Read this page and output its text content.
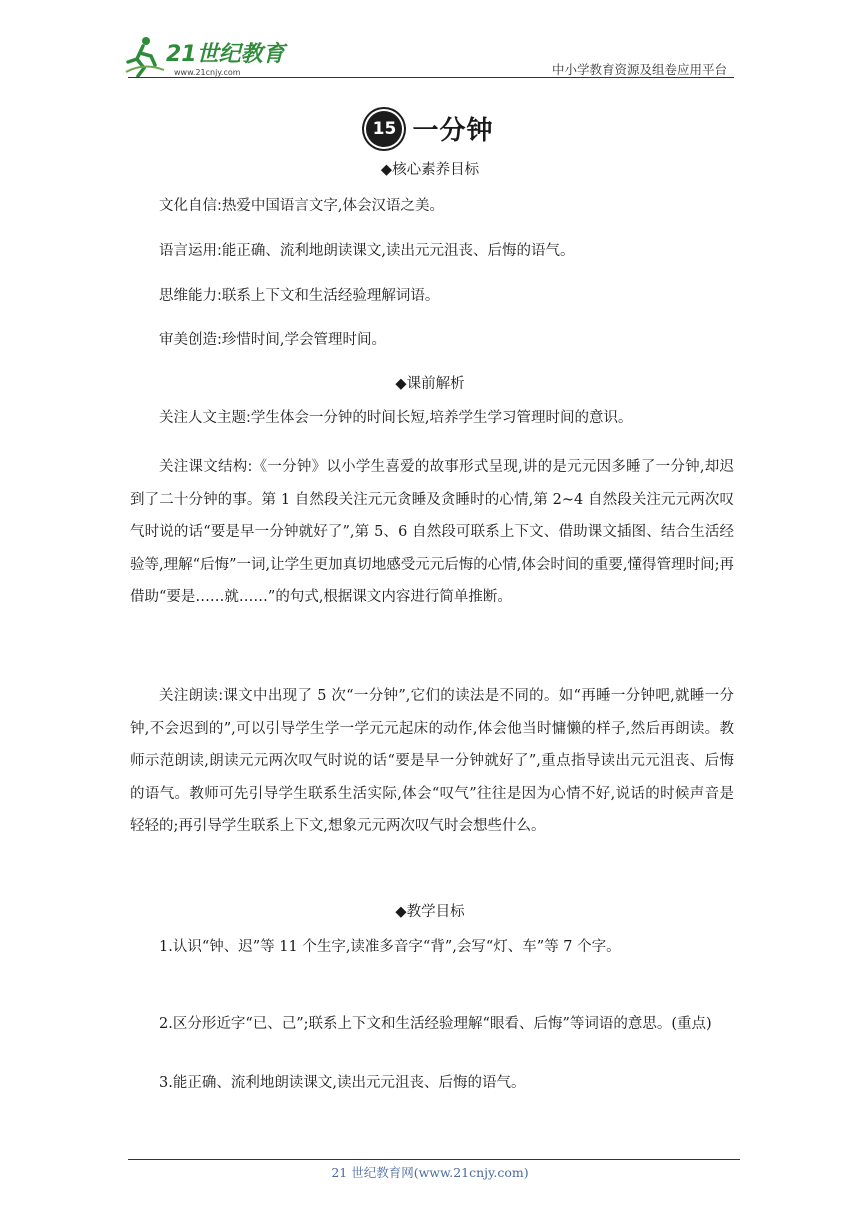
21世纪教育
www.21cnjy.com	中小学教育资源及组卷应用平台
15 一分钟
◆核心素养目标
文化自信:热爱中国语言文字,体会汉语之美。
语言运用:能正确、流利地朗读课文,读出元元沮丧、后悔的语气。
思维能力:联系上下文和生活经验理解词语。
审美创造:珍惜时间,学会管理时间。
◆课前解析
关注人文主题:学生体会一分钟的时间长短,培养学生学习管理时间的意识。
关注课文结构:《一分钟》以小学生喜爱的故事形式呈现,讲的是元元因多睡了一分钟,却迟到了二十分钟的事。第 1 自然段关注元元贪睡及贪睡时的心情,第 2~4 自然段关注元元两次叹气时说的话“要是早一分钟就好了”,第 5、6 自然段可联系上下文、借助课文插图、结合生活经验等,理解“后悔”一词,让学生更加真切地感受元元后悔的心情,体会时间的重要,懂得管理时间;再借助“要是……就……”的句式,根据课文内容进行简单推断。
关注朗读:课文中出现了 5 次“一分钟”,它们的读法是不同的。如“再睡一分钟吧,就睡一分钟,不会迟到的”,可以引导学生学一学元元起床的动作,体会他当时慵懒的样子,然后再朗读。教师示范朗读,朗读元元两次叹气时说的话“要是早一分钟就好了”,重点指导读出元元沮丧、后悔的语气。教师可先引导学生联系生活实际,体会“叹气”往往是因为心情不好,说话的时候声音是轻轻的;再引导学生联系上下文,想象元元两次叹气时会想些什么。
◆教学目标
1.认识“钟、迟”等 11 个生字,读准多音字“背”,会写“灯、车”等 7 个字。
2.区分形近字“已、己”;联系上下文和生活经验理解“眼看、后悔”等词语的意思。(重点)
3.能正确、流利地朗读课文,读出元元沮丧、后悔的语气。
21 世纪教育网(www.21cnjy.com)
